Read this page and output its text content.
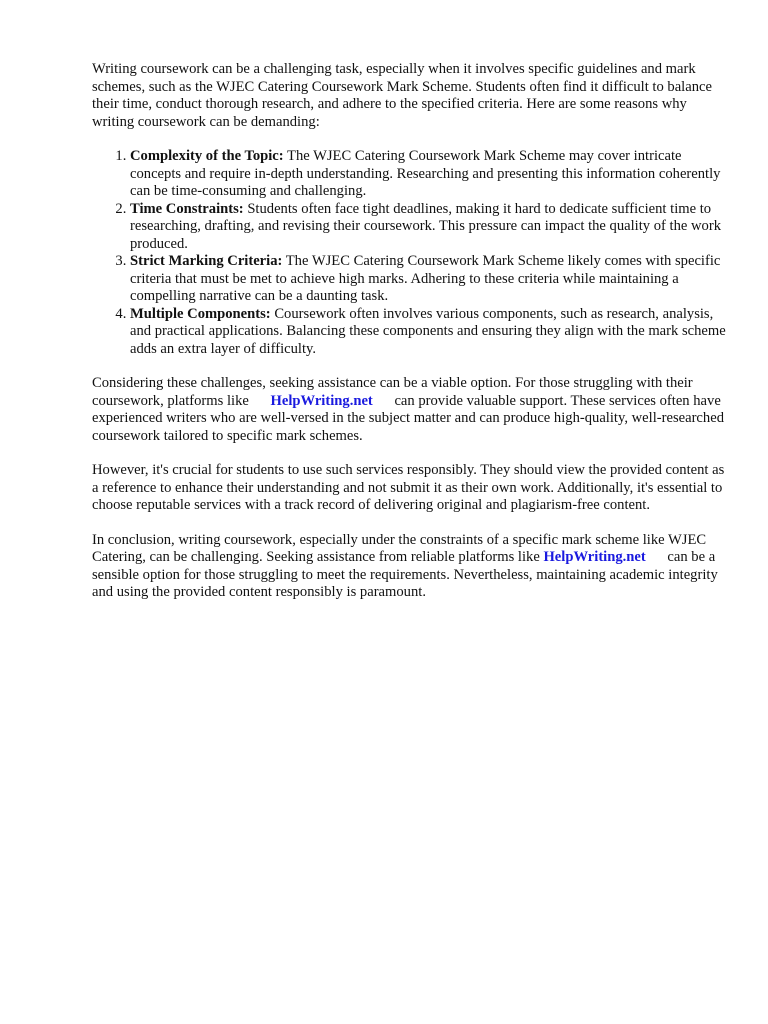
Writing coursework can be a challenging task, especially when it involves specific guidelines and mark schemes, such as the WJEC Catering Coursework Mark Scheme. Students often find it difficult to balance their time, conduct thorough research, and adhere to the specified criteria. Here are some reasons why writing coursework can be demanding:

1. Complexity of the Topic: The WJEC Catering Coursework Mark Scheme may cover intricate concepts and require in-depth understanding. Researching and presenting this information coherently can be time-consuming and challenging.
2. Time Constraints: Students often face tight deadlines, making it hard to dedicate sufficient time to researching, drafting, and revising their coursework. This pressure can impact the quality of the work produced.
3. Strict Marking Criteria: The WJEC Catering Coursework Mark Scheme likely comes with specific criteria that must be met to achieve high marks. Adhering to these criteria while maintaining a compelling narrative can be a daunting task.
4. Multiple Components: Coursework often involves various components, such as research, analysis, and practical applications. Balancing these components and ensuring they align with the mark scheme adds an extra layer of difficulty.

Considering these challenges, seeking assistance can be a viable option. For those struggling with their coursework, platforms like HelpWriting.net can provide valuable support. These services often have experienced writers who are well-versed in the subject matter and can produce high-quality, well-researched coursework tailored to specific mark schemes.

However, it's crucial for students to use such services responsibly. They should view the provided content as a reference to enhance their understanding and not submit it as their own work. Additionally, it's essential to choose reputable services with a track record of delivering original and plagiarism-free content.

In conclusion, writing coursework, especially under the constraints of a specific mark scheme like WJEC Catering, can be challenging. Seeking assistance from reliable platforms like HelpWriting.net can be a sensible option for those struggling to meet the requirements. Nevertheless, maintaining academic integrity and using the provided content responsibly is paramount.
